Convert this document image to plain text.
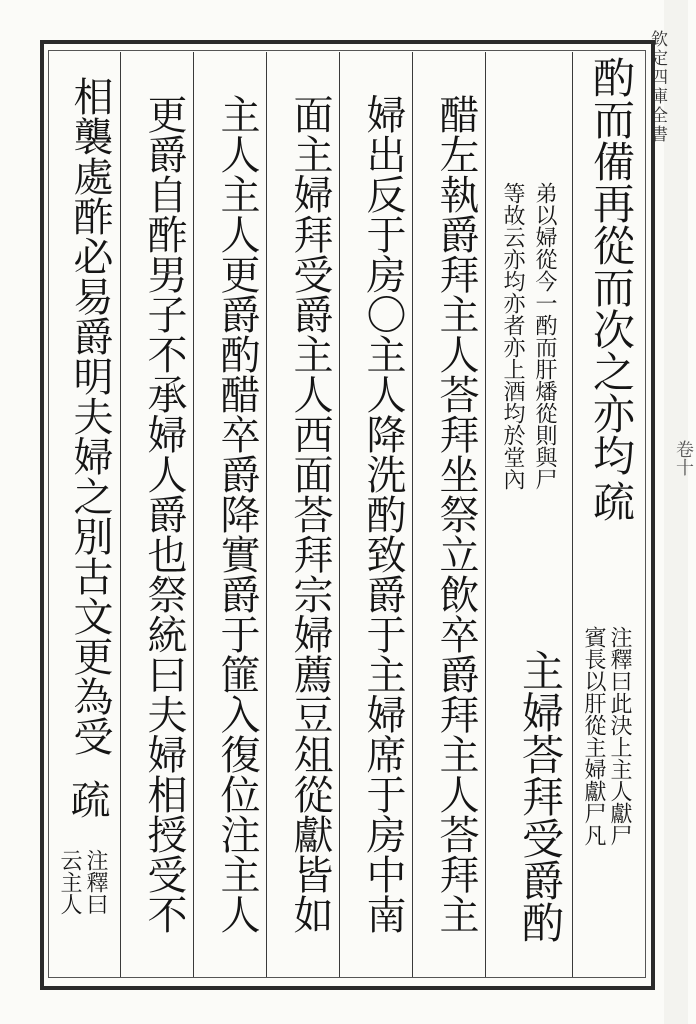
欽定四庫全書
卷十
酌而備再從而次之亦均
疏
賓長以肝從主婦獻尸凡注釋曰此決上主人獻尸
等故云亦均亦者亦上酒均於堂內 弟以婦從今一酌而肝燔從則與尸
主婦荅拜受爵酌
醋左執爵拜主人荅拜坐祭立飲卒爵拜主人荅拜主
婦出反于房〇主人降洗酌致爵于主婦席于房中南
面主婦拜受爵主人西面荅拜宗婦薦豆俎從獻皆如
主人主人更爵酌醋卒爵降實爵于篚入復位注主人
更爵自酢男子不承婦人爵也祭統曰夫婦相授受不
相襲處酢必易爵明夫婦之別古文更為受
疏
云主人注釋曰
